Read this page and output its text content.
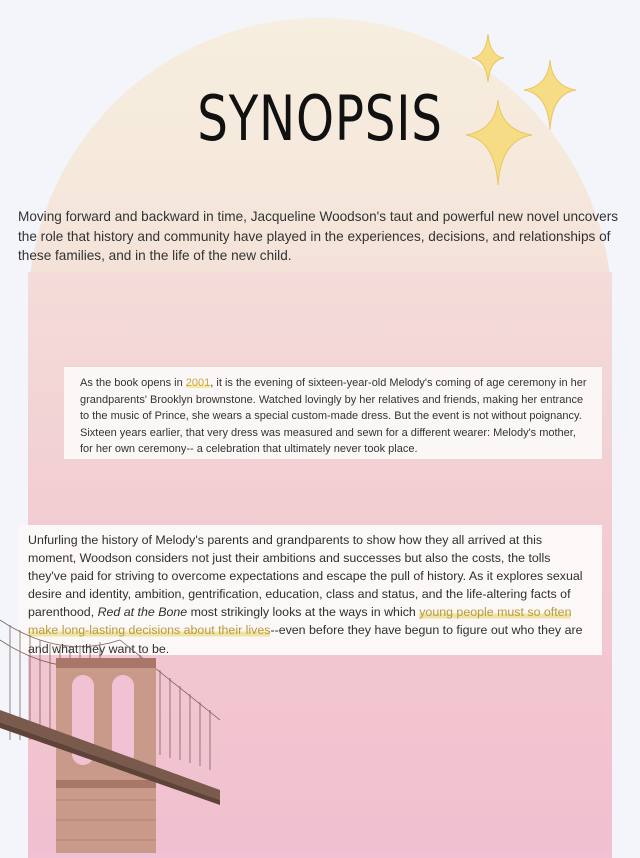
SYNOPSIS

Moving forward and backward in time, Jacqueline Woodson's taut and powerful new novel uncovers the role that history and community have played in the experiences, decisions, and relationships of these families, and in the life of the new child.

As the book opens in 2001, it is the evening of sixteen-year-old Melody's coming of age ceremony in her grandparents' Brooklyn brownstone. Watched lovingly by her relatives and friends, making her entrance to the music of Prince, she wears a special custom-made dress. But the event is not without poignancy. Sixteen years earlier, that very dress was measured and sewn for a different wearer: Melody's mother, for her own ceremony-- a celebration that ultimately never took place.
Unfurling the history of Melody's parents and grandparents to show how they all arrived at this moment, Woodson considers not just their ambitions and successes but also the costs, the tolls they've paid for striving to overcome expectations and escape the pull of history. As it explores sexual desire and identity, ambition, gentrification, education, class and status, and the life-altering facts of parenthood, Red at the Bone most strikingly looks at the ways in which young people must so often make long-lasting decisions about their lives--even before they have begun to figure out who they are and what they want to be.
